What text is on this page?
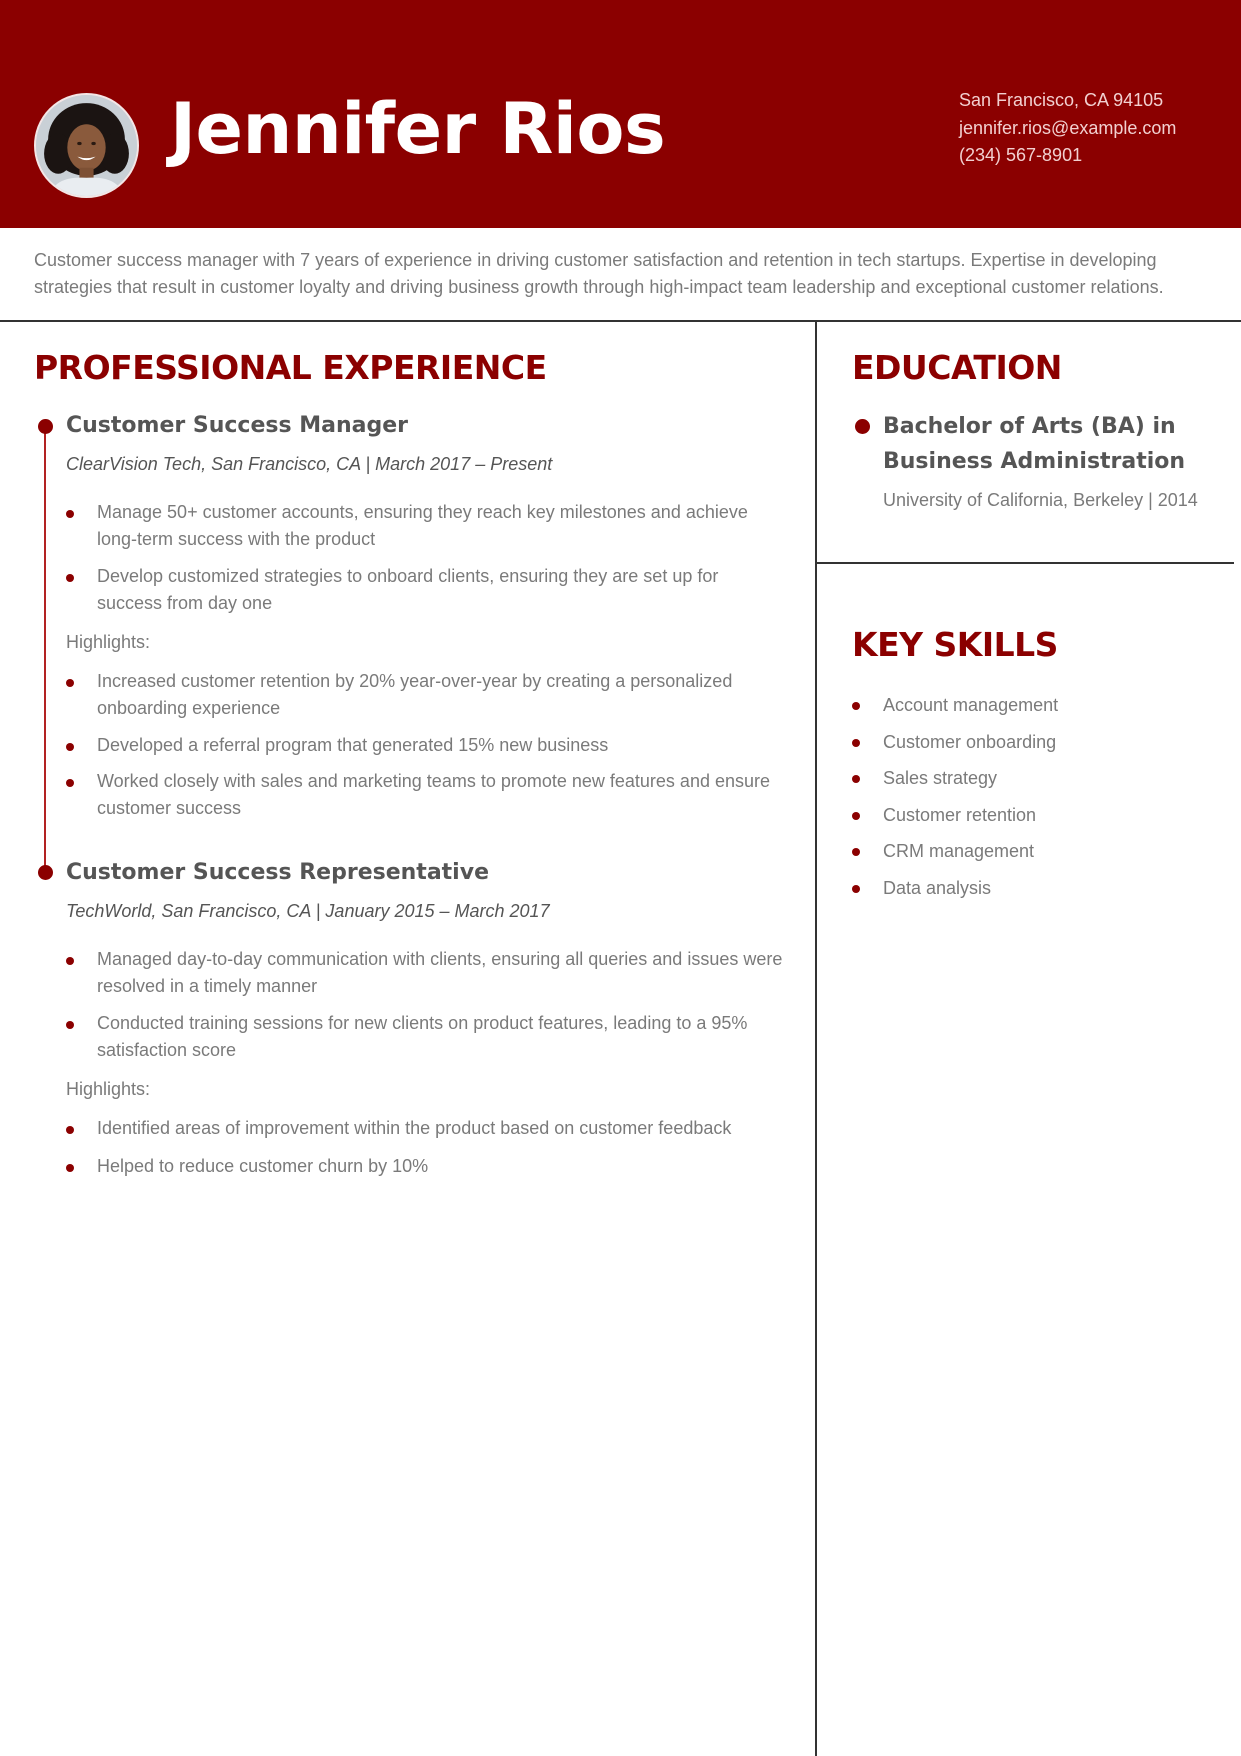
Jennifer Rios	San Francisco, CA 94105
jennifer.rios@example.com
(234) 567-8901

Customer success manager with 7 years of experience in driving customer satisfaction and retention in tech startups. Expertise in developing strategies that result in customer loyalty and driving business growth through high-impact team leadership and exceptional customer relations.

PROFESSIONAL EXPERIENCE
Customer Success Manager
ClearVision Tech, San Francisco, CA | March 2017 – Present
Manage 50+ customer accounts, ensuring they reach key milestones and achieve long-term success with the product
Develop customized strategies to onboard clients, ensuring they are set up for success from day one
Highlights:
Increased customer retention by 20% year-over-year by creating a personalized onboarding experience
Developed a referral program that generated 15% new business
Worked closely with sales and marketing teams to promote new features and ensure customer success
Customer Success Representative
TechWorld, San Francisco, CA | January 2015 – March 2017
Managed day-to-day communication with clients, ensuring all queries and issues were resolved in a timely manner
Conducted training sessions for new clients on product features, leading to a 95% satisfaction score
Highlights:
Identified areas of improvement within the product based on customer feedback
Helped to reduce customer churn by 10%
EDUCATION
Bachelor of Arts (BA) in Business Administration
University of California, Berkeley | 2014
KEY SKILLS
Account management
Customer onboarding
Sales strategy
Customer retention
CRM management
Data analysis
